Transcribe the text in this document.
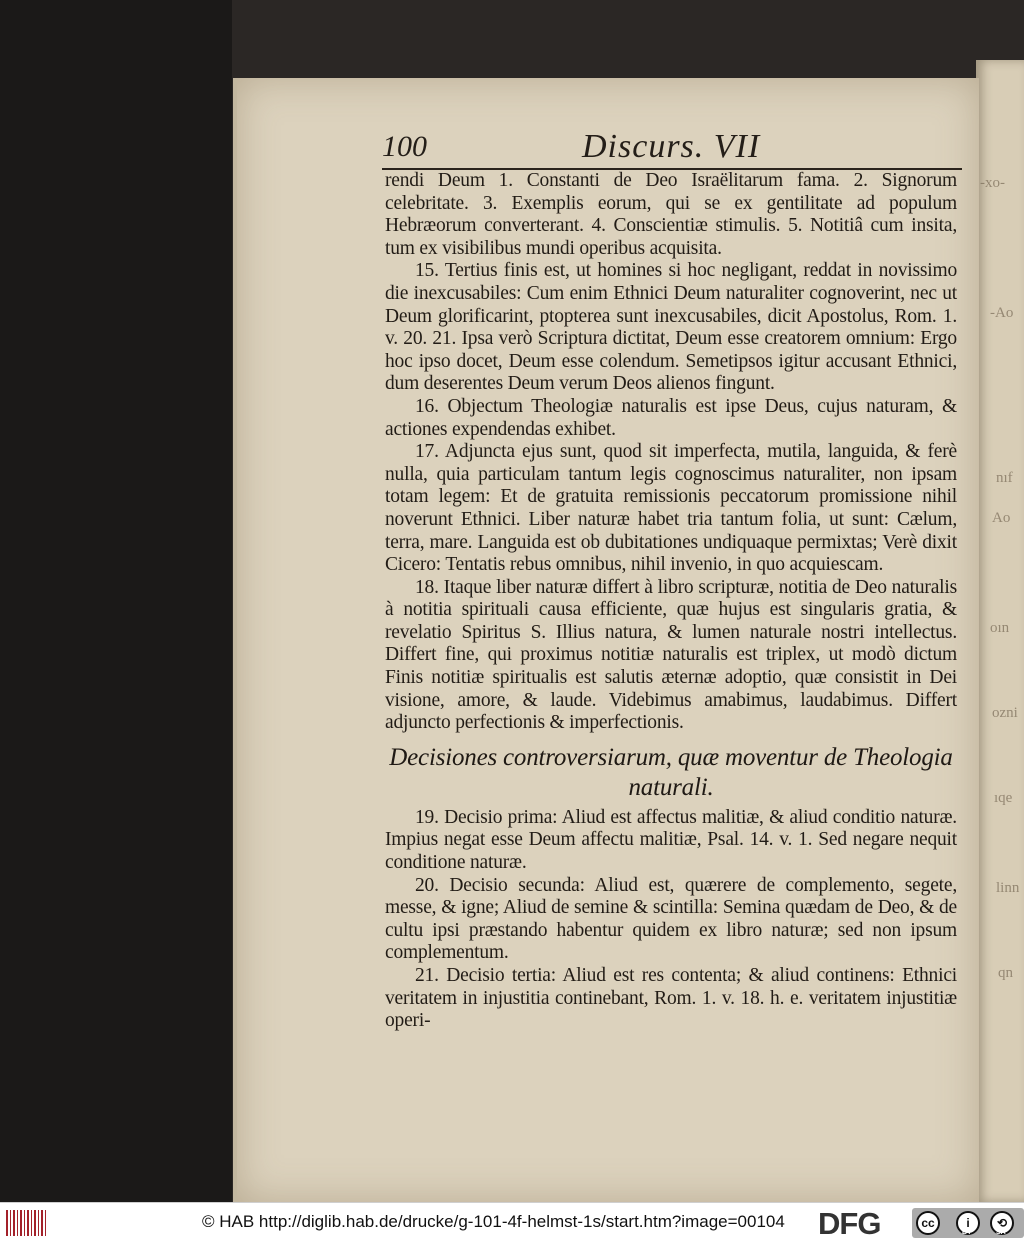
-xo-
-Ao
nıf
Ao
oın
ozni
ıqe
linn
qn
100	Discurs. VII

rendi Deum 1. Constanti de Deo Israëlitarum fama. 2. Signorum celebritate. 3. Exemplis eorum, qui se ex gentilitate ad populum Hebræorum converterant. 4. Conscientiæ stimulis. 5. Notitiâ cum insita, tum ex visibilibus mundi operibus acquisita.

15. Tertius finis est, ut homines si hoc negligant, reddat in novissimo die inexcusabiles: Cum enim Ethnici Deum naturaliter cognoverint, nec ut Deum glorificarint, ptopterea sunt inexcusabiles, dicit Apostolus, Rom. 1. v. 20. 21. Ipsa verò Scriptura dictitat, Deum esse creatorem omnium: Ergo hoc ipso docet, Deum esse colendum. Semetipsos igitur accusant Ethnici, dum deserentes Deum verum Deos alienos fingunt.

16. Objectum Theologiæ naturalis est ipse Deus, cujus naturam, & actiones expendendas exhibet.

17. Adjuncta ejus sunt, quod sit imperfecta, mutila, languida, & ferè nulla, quia particulam tantum legis cognoscimus naturaliter, non ipsam totam legem: Et de gratuita remissionis peccatorum promissione nihil noverunt Ethnici. Liber naturæ habet tria tantum folia, ut sunt: Cælum, terra, mare. Languida est ob dubitationes undiquaque permixtas; Verè dixit Cicero: Tentatis rebus omnibus, nihil invenio, in quo acquiescam.

18. Itaque liber naturæ differt à libro scripturæ, notitia de Deo naturalis à notitia spirituali causa efficiente, quæ hujus est singularis gratia, & revelatio Spiritus S. Illius natura, & lumen naturale nostri intellectus. Differt fine, qui proximus notitiæ naturalis est triplex, ut modò dictum Finis notitiæ spiritualis est salutis æternæ adoptio, quæ consistit in Dei visione, amore, & laude. Videbimus amabimus, laudabimus. Differt adjuncto perfectionis & imperfectionis.

Decisiones controversiarum, quæ moventur de Theologia naturali.

19. Decisio prima: Aliud est affectus malitiæ, & aliud conditio naturæ. Impius negat esse Deum affectu malitiæ, Psal. 14. v. 1. Sed negare nequit conditione naturæ.

20. Decisio secunda: Aliud est, quærere de complemento, segete, messe, & igne; Aliud de semine & scintilla: Semina quædam de Deo, & de cultu ipsi præstando habentur quidem ex libro naturæ; sed non ipsum complementum.

21. Decisio tertia: Aliud est res contenta; & aliud continens: Ethnici veritatem in injustitia continebant, Rom. 1. v. 18. h. e. veritatem injustitiæ operi-

© HAB http://diglib.hab.de/drucke/g-101-4f-helmst-1s/start.htm?image=00104 DFG	cc	i	⟲
BY	SA
